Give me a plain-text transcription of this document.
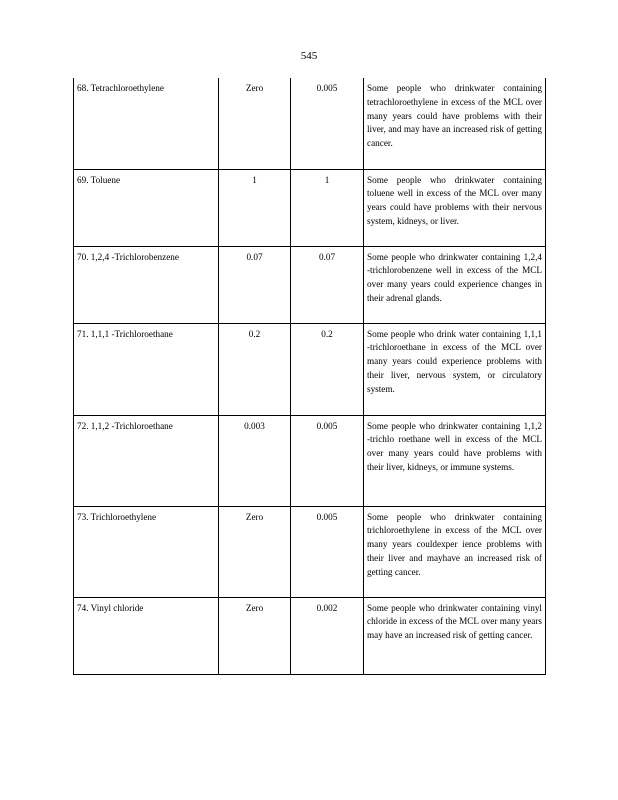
545
68. Tetrachloroethylene	Zero	0.005	Some people who drinkwater containing tetrachloroethylene in excess of the MCL over many years could have problems with their liver, and may have an increased risk of getting cancer.
69. Toluene	1	1	Some people who drinkwater containing toluene well in excess of the MCL over many years could have problems with their nervous system, kidneys, or liver.
70. 1,2,4 -Trichlorobenzene	0.07	0.07	Some people who drinkwater containing 1,2,4 -trichlorobenzene well in excess of the MCL over many years could experience changes in their adrenal glands.
71. 1,1,1 -Trichloroethane	0.2	0.2	Some people who drink water containing 1,1,1 -trichloroethane in excess of the MCL over many years could experience problems with their liver, nervous system, or circulatory system.
72. 1,1,2 -Trichloroethane	0.003	0.005	Some people who drinkwater containing 1,1,2 -trichlo roethane well in excess of the MCL over many years could have problems with their liver, kidneys, or immune systems.
73. Trichloroethylene	Zero	0.005	Some people who drinkwater containing trichloroethylene in excess of the MCL over many years couldexper ience problems with their liver and mayhave an increased risk of getting cancer.
74. Vinyl chloride	Zero	0.002	Some people who drinkwater containing vinyl chloride in excess of the MCL over many years may have an increased risk of getting cancer.
